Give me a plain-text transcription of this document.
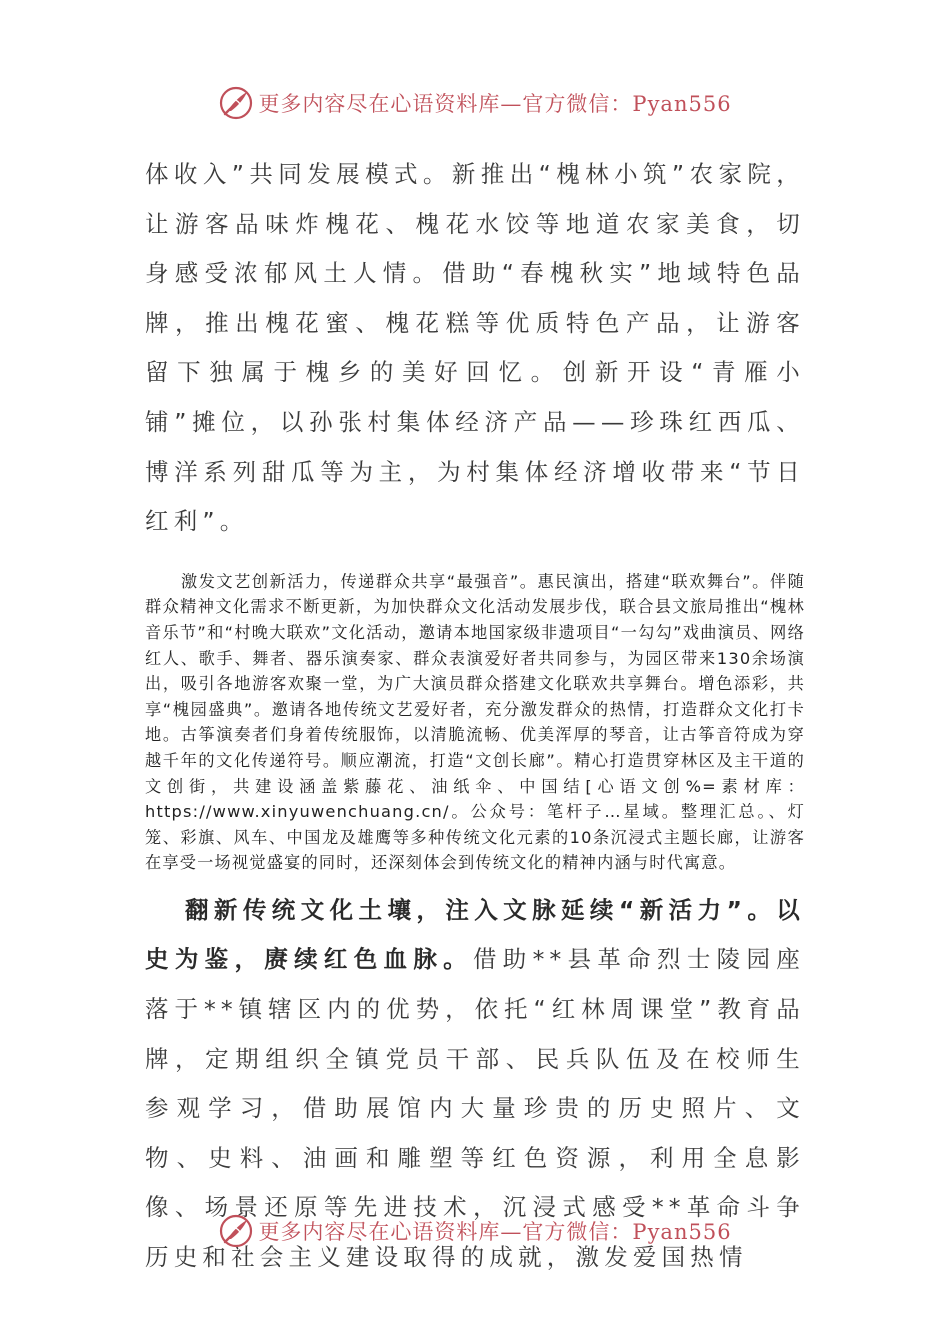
更多内容尽在心语资料库—官方微信：Pyan556

体收入”共同发展模式。新推出“槐林小筑”农家院，让游客品味炸槐花、槐花水饺等地道农家美食，切身感受浓郁风土人情。借助“春槐秋实”地域特色品牌，推出槐花蜜、槐花糕等优质特色产品，让游客留下独属于槐乡的美好回忆。创新开设“青雁小铺”摊位，以孙张村集体经济产品——珍珠红西瓜、博洋系列甜瓜等为主，为村集体经济增收带来“节日红利”。

激发文艺创新活力，传递群众共享“最强音”。惠民演出，搭建“联欢舞台”。伴随群众精神文化需求不断更新，为加快群众文化活动发展步伐，联合县文旅局推出“槐林音乐节”和“村晚大联欢”文化活动，邀请本地国家级非遗项目“一勾勾”戏曲演员、网络红人、歌手、舞者、器乐演奏家、群众表演爱好者共同参与，为园区带来130余场演出，吸引各地游客欢聚一堂，为广大演员群众搭建文化联欢共享舞台。增色添彩，共享“槐园盛典”。邀请各地传统文艺爱好者，充分激发群众的热情，打造群众文化打卡地。古筝演奏者们身着传统服饰，以清脆流畅、优美浑厚的琴音，让古筝音符成为穿越千年的文化传递符号。顺应潮流，打造“文创长廊”。精心打造贯穿林区及主干道的文创街，共建设涵盖紫藤花、油纸伞、中国结[心语文创%=素材库：https://www.xinyuwenchuang.cn/。公众号：笔杆子…星域。整理汇总。、灯笼、彩旗、风车、中国龙及雄鹰等多种传统文化元素的10条沉浸式主题长廊，让游客在享受一场视觉盛宴的同时，还深刻体会到传统文化的精神内涵与时代寓意。

翻新传统文化土壤，注入文脉延续“新活力”。以史为鉴，赓续红色血脉。借助**县革命烈士陵园座落于**镇辖区内的优势，依托“红林周课堂”教育品牌，定期组织全镇党员干部、民兵队伍及在校师生参观学习，借助展馆内大量珍贵的历史照片、文物、史料、油画和雕塑等红色资源，利用全息影像、场景还原等先进技术，沉浸式感受**革命斗争历史和社会主义建设取得的成就，激发爱国热情

更多内容尽在心语资料库—官方微信：Pyan556
